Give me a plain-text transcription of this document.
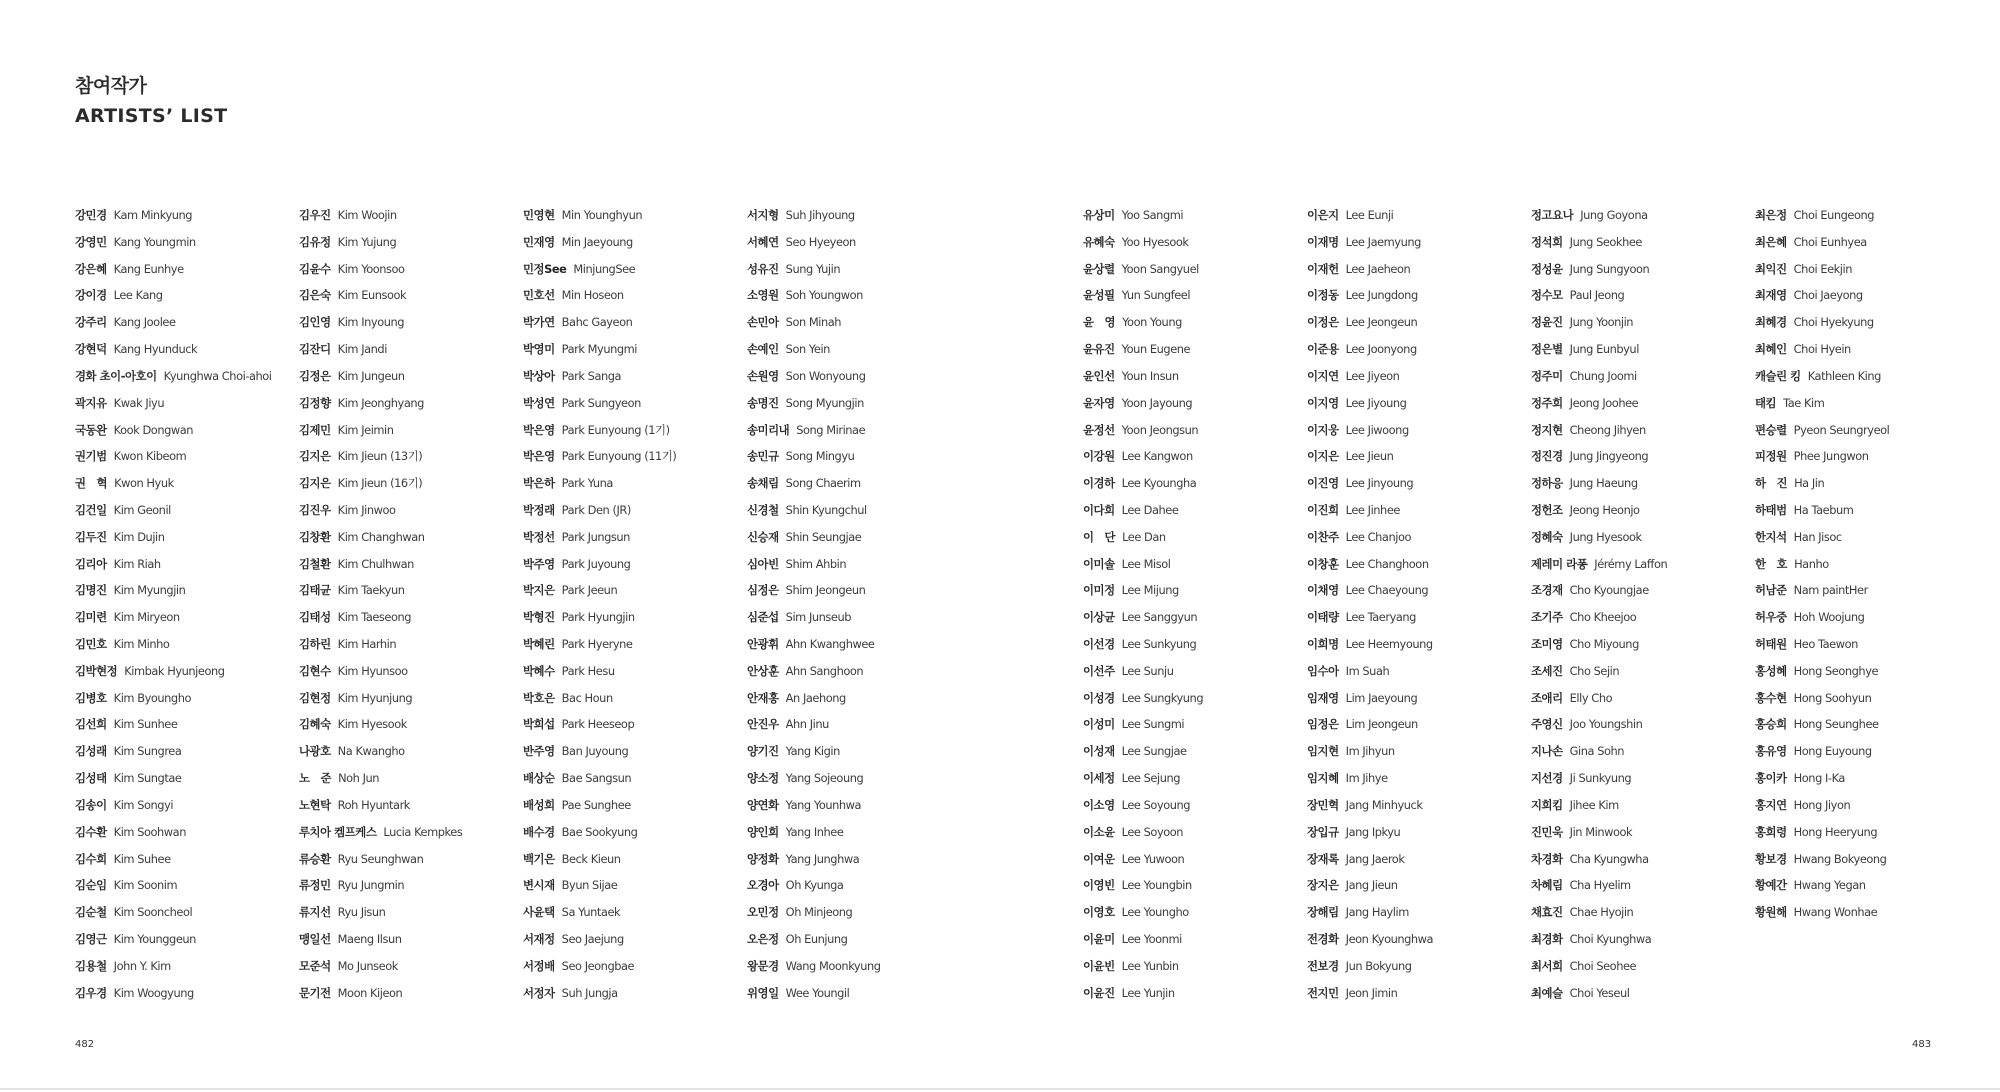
참여작가
ARTISTS’ LIST
강민경 Kam Minkyung
강영민 Kang Youngmin
강은혜 Kang Eunhye
강이경 Lee Kang
강주리 Kang Joolee
강현덕 Kang Hyunduck
경화 초이-아호이 Kyunghwa Choi-ahoi
곽지유 Kwak Jiyu
국동완 Kook Dongwan
권기범 Kwon Kibeom
권　혁 Kwon Hyuk
김건일 Kim Geonil
김두진 Kim Dujin
김리아 Kim Riah
김명진 Kim Myungjin
김미련 Kim Miryeon
김민호 Kim Minho
김박현정 Kimbak Hyunjeong
김병호 Kim Byoungho
김선희 Kim Sunhee
김성래 Kim Sungrea
김성태 Kim Sungtae
김송이 Kim Songyi
김수환 Kim Soohwan
김수희 Kim Suhee
김순임 Kim Soonim
김순철 Kim Sooncheol
김영근 Kim Younggeun
김용철 John Y. Kim
김우경 Kim Woogyung
김우진 Kim Woojin
김유정 Kim Yujung
김윤수 Kim Yoonsoo
김은숙 Kim Eunsook
김인영 Kim Inyoung
김잔디 Kim Jandi
김정은 Kim Jungeun
김정향 Kim Jeonghyang
김제민 Kim Jeimin
김지은 Kim Jieun (13기)
김지은 Kim Jieun (16기)
김진우 Kim Jinwoo
김창환 Kim Changhwan
김철환 Kim Chulhwan
김태균 Kim Taekyun
김태성 Kim Taeseong
김하린 Kim Harhin
김현수 Kim Hyunsoo
김현정 Kim Hyunjung
김혜숙 Kim Hyesook
나광호 Na Kwangho
노　준 Noh Jun
노현탁 Roh Hyuntark
루치아 켐프케스 Lucia Kempkes
류승환 Ryu Seunghwan
류정민 Ryu Jungmin
류지선 Ryu Jisun
맹일선 Maeng Ilsun
모준석 Mo Junseok
문기전 Moon Kijeon
민영현 Min Younghyun
민재영 Min Jaeyoung
민정See MinjungSee
민호선 Min Hoseon
박가연 Bahc Gayeon
박영미 Park Myungmi
박상아 Park Sanga
박성연 Park Sungyeon
박은영 Park Eunyoung (1기)
박은영 Park Eunyoung (11기)
박은하 Park Yuna
박정래 Park Den (JR)
박정선 Park Jungsun
박주영 Park Juyoung
박지은 Park Jeeun
박형진 Park Hyungjin
박혜린 Park Hyeryne
박혜수 Park Hesu
박호은 Bac Houn
박희섭 Park Heeseop
반주영 Ban Juyoung
배상순 Bae Sangsun
배성희 Pae Sunghee
배수경 Bae Sookyung
백기은 Beck Kieun
변시재 Byun Sijae
사윤택 Sa Yuntaek
서재정 Seo Jaejung
서정배 Seo Jeongbae
서정자 Suh Jungja
서지형 Suh Jihyoung
서혜연 Seo Hyeyeon
성유진 Sung Yujin
소영원 Soh Youngwon
손민아 Son Minah
손예인 Son Yein
손원영 Son Wonyoung
송명진 Song Myungjin
송미리내 Song Mirinae
송민규 Song Mingyu
송채림 Song Chaerim
신경철 Shin Kyungchul
신승재 Shin Seungjae
심아빈 Shim Ahbin
심정은 Shim Jeongeun
심준섭 Sim Junseub
안광휘 Ahn Kwanghwee
안상훈 Ahn Sanghoon
안재홍 An Jaehong
안진우 Ahn Jinu
양기진 Yang Kigin
양소정 Yang Sojeoung
양연화 Yang Younhwa
양인희 Yang Inhee
양정화 Yang Junghwa
오경아 Oh Kyunga
오민정 Oh Minjeong
오은정 Oh Eunjung
왕문경 Wang Moonkyung
위영일 Wee Youngil
유상미 Yoo Sangmi
유혜숙 Yoo Hyesook
윤상렬 Yoon Sangyuel
윤성필 Yun Sungfeel
윤　영 Yoon Young
윤유진 Youn Eugene
윤인선 Youn Insun
윤자영 Yoon Jayoung
윤정선 Yoon Jeongsun
이강원 Lee Kangwon
이경하 Lee Kyoungha
이다희 Lee Dahee
이　단 Lee Dan
이미솔 Lee Misol
이미정 Lee Mijung
이상균 Lee Sanggyun
이선경 Lee Sunkyung
이선주 Lee Sunju
이성경 Lee Sungkyung
이성미 Lee Sungmi
이성재 Lee Sungjae
이세정 Lee Sejung
이소영 Lee Soyoung
이소윤 Lee Soyoon
이여운 Lee Yuwoon
이영빈 Lee Youngbin
이영호 Lee Youngho
이윤미 Lee Yoonmi
이윤빈 Lee Yunbin
이윤진 Lee Yunjin
이은지 Lee Eunji
이재명 Lee Jaemyung
이재헌 Lee Jaeheon
이정동 Lee Jungdong
이정은 Lee Jeongeun
이준용 Lee Joonyong
이지연 Lee Jiyeon
이지영 Lee Jiyoung
이지웅 Lee Jiwoong
이지은 Lee Jieun
이진영 Lee Jinyoung
이진희 Lee Jinhee
이찬주 Lee Chanjoo
이창훈 Lee Changhoon
이채영 Lee Chaeyoung
이태량 Lee Taeryang
이희명 Lee Heemyoung
임수아 Im Suah
임재영 Lim Jaeyoung
임정은 Lim Jeongeun
임지현 Im Jihyun
임지혜 Im Jihye
장민혁 Jang Minhyuck
장입규 Jang Ipkyu
장재록 Jang Jaerok
장지은 Jang Jieun
장해림 Jang Haylim
전경화 Jeon Kyounghwa
전보경 Jun Bokyung
전지민 Jeon Jimin
정고요나 Jung Goyona
정석희 Jung Seokhee
정성윤 Jung Sungyoon
정수모 Paul Jeong
정윤진 Jung Yoonjin
정은별 Jung Eunbyul
정주미 Chung Joomi
정주희 Jeong Joohee
정지현 Cheong Jihyen
정진경 Jung Jingyeong
정하응 Jung Haeung
정헌조 Jeong Heonjo
정혜숙 Jung Hyesook
제레미 라퐁 Jérémy Laffon
조경재 Cho Kyoungjae
조기주 Cho Kheejoo
조미영 Cho Miyoung
조세진 Cho Sejin
조애리 Elly Cho
주영신 Joo Youngshin
지나손 Gina Sohn
지선경 Ji Sunkyung
지희킴 Jihee Kim
진민욱 Jin Minwook
차경화 Cha Kyungwha
차혜림 Cha Hyelim
채효진 Chae Hyojin
최경화 Choi Kyunghwa
최서희 Choi Seohee
최예슬 Choi Yeseul
최은정 Choi Eungeong
최은혜 Choi Eunhyea
최익진 Choi Eekjin
최재영 Choi Jaeyong
최혜경 Choi Hyekyung
최혜인 Choi Hyein
캐슬린 킹 Kathleen King
태킴 Tae Kim
편승렬 Pyeon Seungryeol
피정원 Phee Jungwon
하　진 Ha Jin
하태범 Ha Taebum
한지석 Han Jisoc
한　호 Hanho
허남준 Nam paintHer
허우중 Hoh Woojung
허태원 Heo Taewon
홍성혜 Hong Seonghye
홍수현 Hong Soohyun
홍승희 Hong Seunghee
홍유영 Hong Euyoung
홍이카 Hong I-Ka
홍지연 Hong Jiyon
홍희령 Hong Heeryung
황보경 Hwang Bokyeong
황예간 Hwang Yegan
황원해 Hwang Wonhae
482	483
